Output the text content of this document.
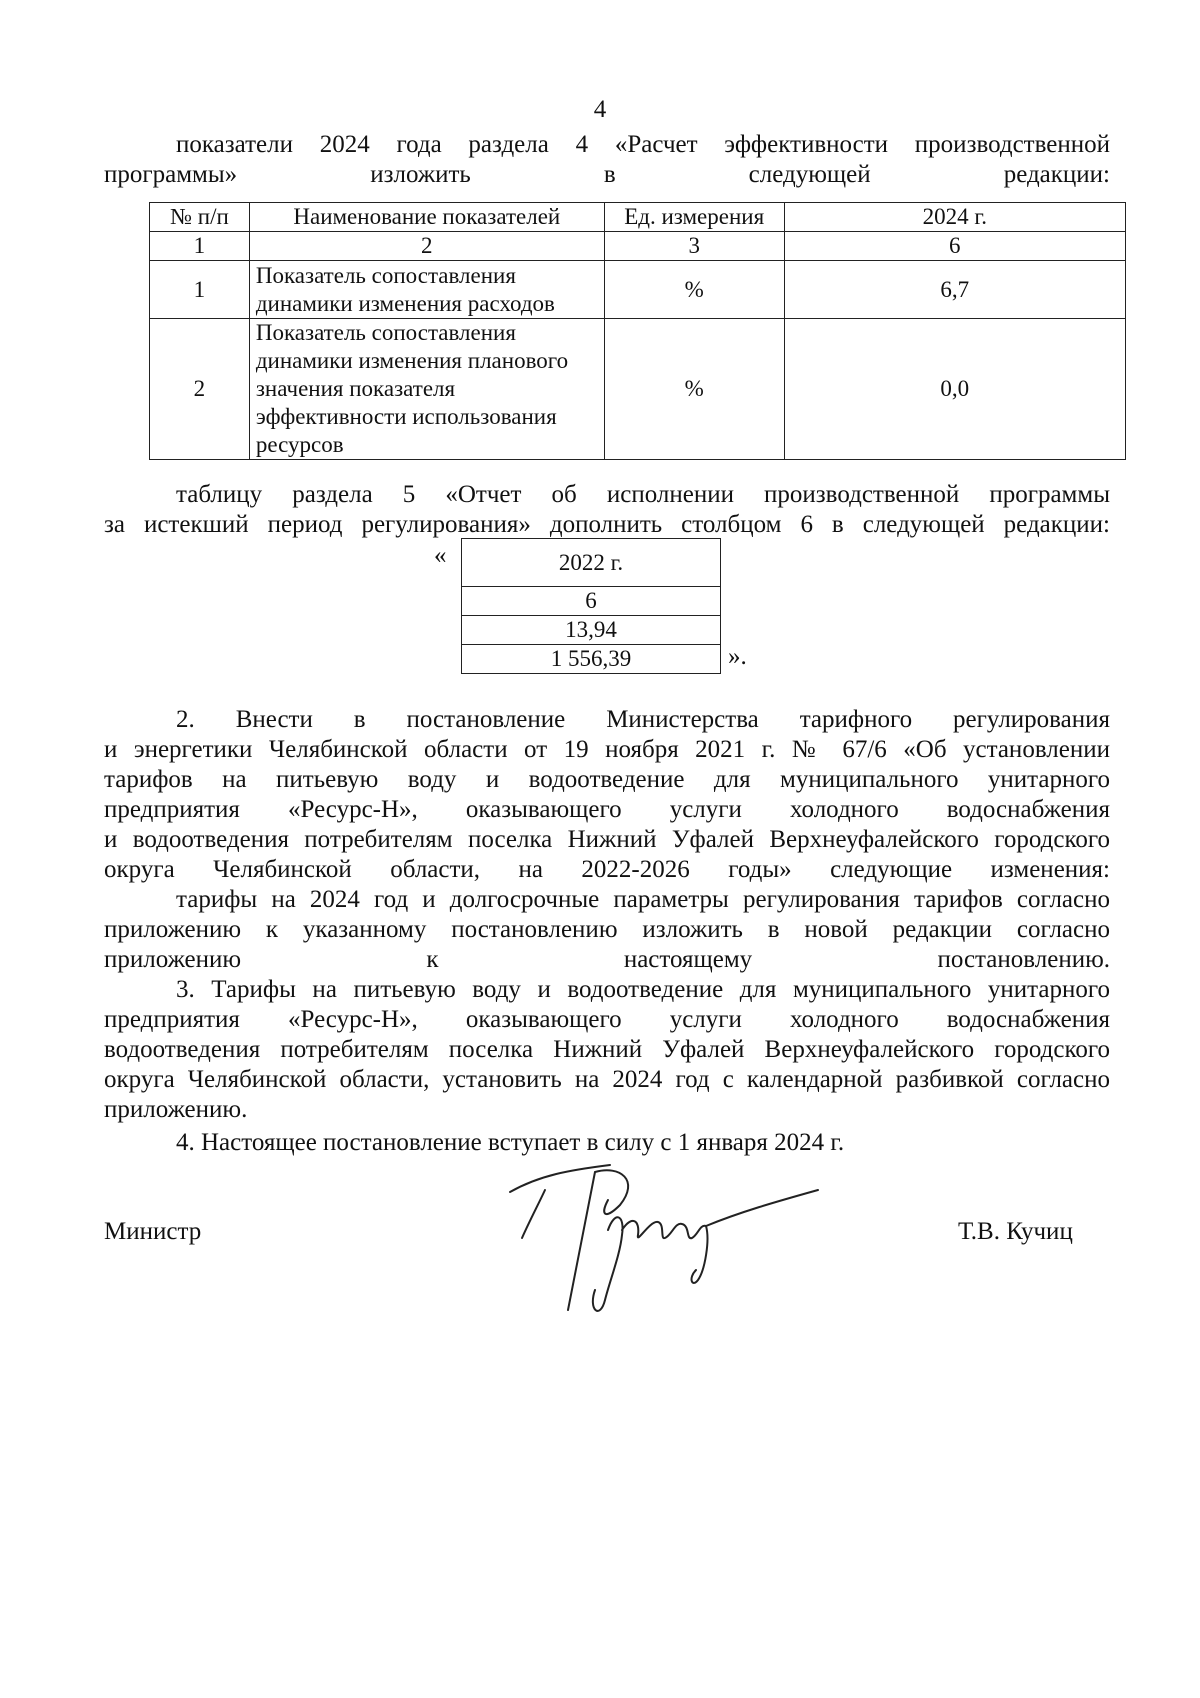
4
показатели 2024 года раздела 4 «Расчет эффективности производственной
программы» изложить в следующей редакции:
№ п/п	Наименование показателей	Ед. измерения	2024 г.
1	2	3	6
1	Показатель сопоставления
динамики изменения расходов	%	6,7
2	Показатель сопоставления
динамики изменения планового
значения показателя
эффективности использования
ресурсов	%	0,0
таблицу раздела 5 «Отчет об исполнении производственной программы
за истекший период регулирования» дополнить столбцом 6 в следующей редакции:
«	2022 г.
6
13,94
1 556,39	».
2. Внести в постановление Министерства тарифного регулирования
и энергетики Челябинской области от 19 ноября 2021 г. № 67/6 «Об установлении
тарифов на питьевую воду и водоотведение для муниципального унитарного
предприятия «Ресурс-Н», оказывающего услуги холодного водоснабжения
и водоотведения потребителям поселка Нижний Уфалей Верхнеуфалейского городского
округа Челябинской области, на 2022-2026 годы» следующие изменения:
тарифы на 2024 год и долгосрочные параметры регулирования тарифов согласно
приложению к указанному постановлению изложить в новой редакции согласно
приложению к настоящему постановлению.
3. Тарифы на питьевую воду и водоотведение для муниципального унитарного
предприятия «Ресурс-Н», оказывающего услуги холодного водоснабжения
водоотведения потребителям поселка Нижний Уфалей Верхнеуфалейского городского
округа Челябинской области, установить на 2024 год с календарной разбивкой согласно
приложению.
4. Настоящее постановление вступает в силу с 1 января 2024 г.
Министр	Т.В. Кучиц
